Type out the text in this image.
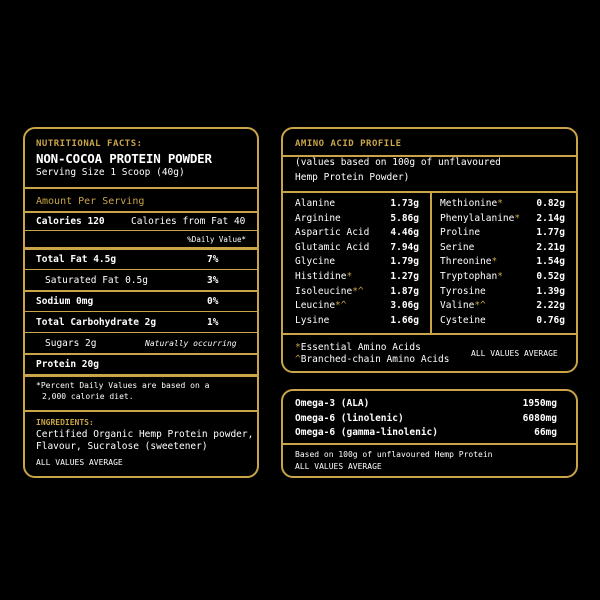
NUTRITIONAL FACTS:
NON-COCOA PROTEIN POWDER
Serving Size 1 Scoop (40g)
Amount Per Serving
Calories 120	Calories from Fat 40
%Daily Value*
Total Fat 4.5g	7%
Saturated Fat 0.5g	3%
Sodium 0mg	0%
Total Carbohydrate 2g	1%
Sugars 2g	Naturally occurring
Protein 20g
*Percent Daily Values are based on a
2,000 calorie diet.
INGREDIENTS:
Certified Organic Hemp Protein powder,
Flavour, Sucralose (sweetener)
ALL VALUES AVERAGE
AMINO ACID PROFILE
(values based on 100g of unflavoured
Hemp Protein Powder)
Alanine	1.73g
Arginine	5.86g
Aspartic Acid 4.46g
Glutamic Acid 7.94g
Glycine	1.79g
Histidine*	1.27g
Isoleucine*^	1.87g
Leucine*^	3.06g
Lysine	1.66g
Methionine*	0.82g
Phenylalanine* 2.14g
Proline	1.77g
Serine	2.21g
Threonine*	1.54g
Tryptophan*	0.52g
Tyrosine	1.39g
Valine*^	2.22g
Cysteine	0.76g
*Essential Amino Acids
^Branched-chain Amino Acids
ALL VALUES AVERAGE
Omega-3 (ALA)	1950mg
Omega-6 (linolenic)	6080mg
Omega-6 (gamma-linolenic)	66mg
Based on 100g of unflavoured Hemp Protein
ALL VALUES AVERAGE
